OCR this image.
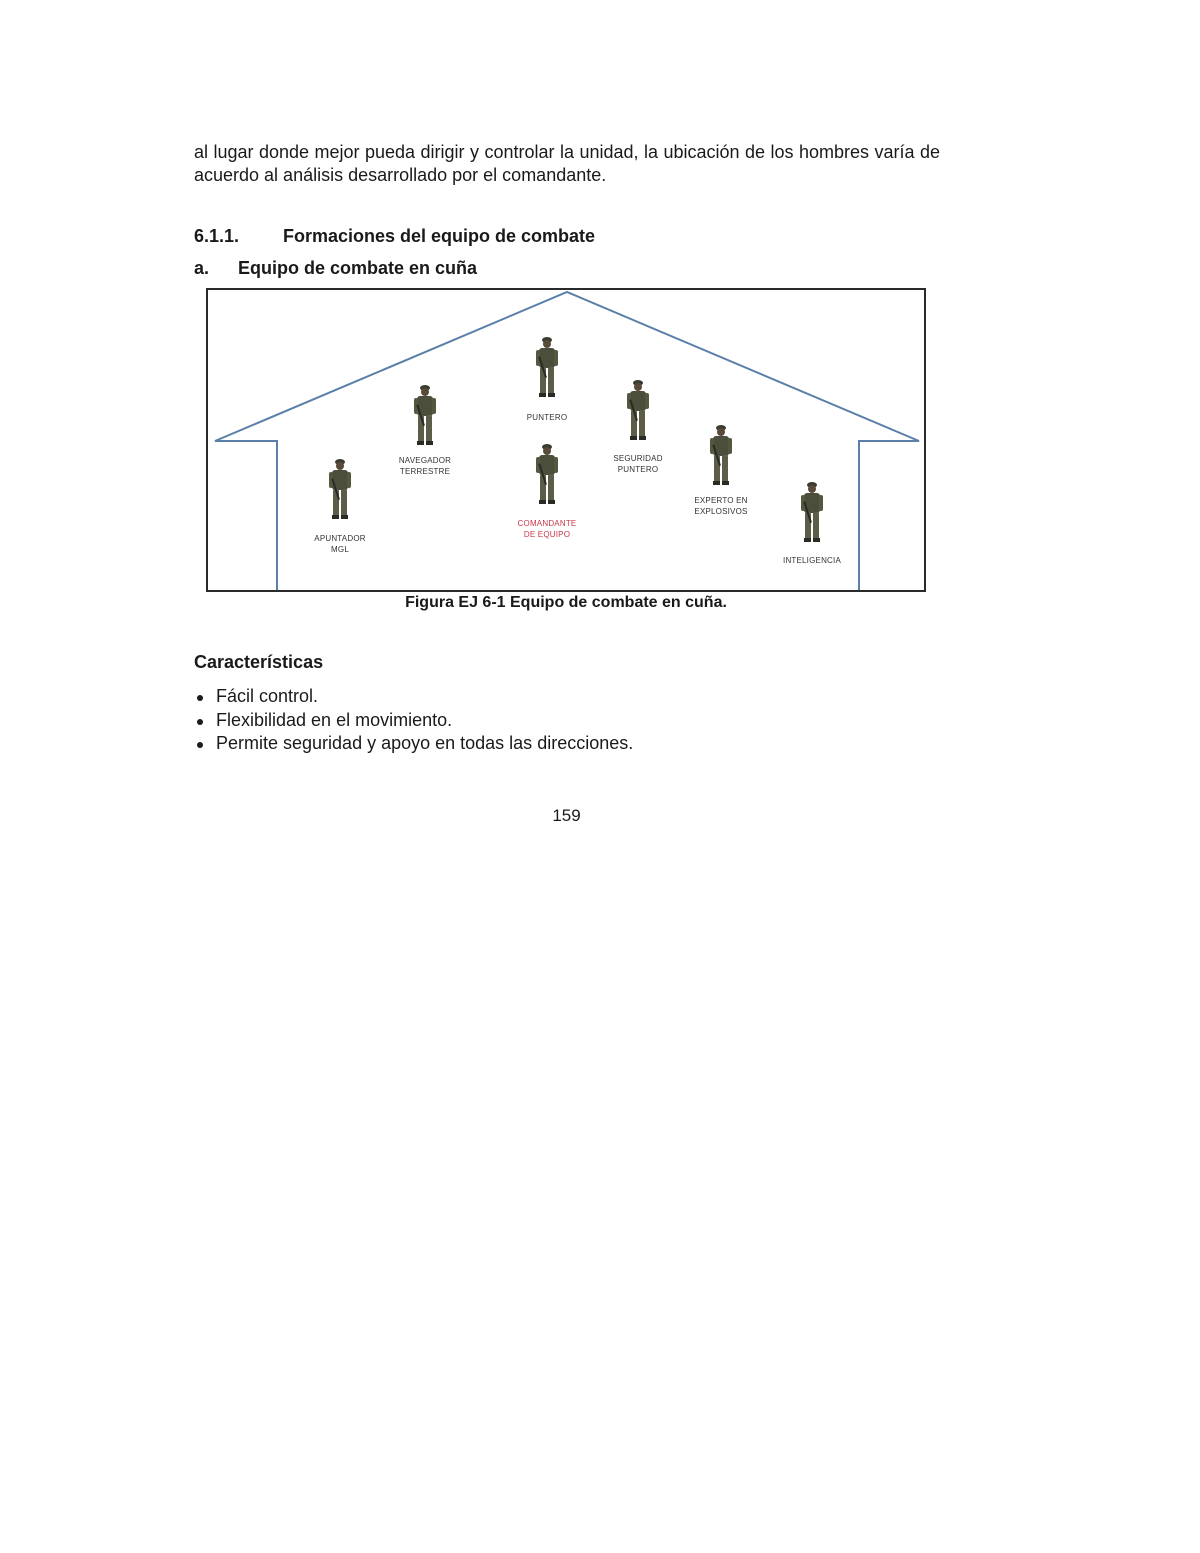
al lugar donde mejor pueda dirigir y controlar la unidad, la ubicación de los hombres varía de acuerdo al análisis desarrollado por el comandante.

6.1.1. Formaciones del equipo de combate
a. Equipo de combate en cuña
PUNTERO
NAVEGADOR
TERRESTRE
SEGURIDAD
PUNTERO
APUNTADOR
MGL
COMANDANTE
DE EQUIPO
EXPERTO EN
EXPLOSIVOS
INTELIGENCIA
Figura EJ 6-1 Equipo de combate en cuña.
Características
Fácil control.
Flexibilidad en el movimiento.
Permite seguridad y apoyo en todas las direcciones.
159
